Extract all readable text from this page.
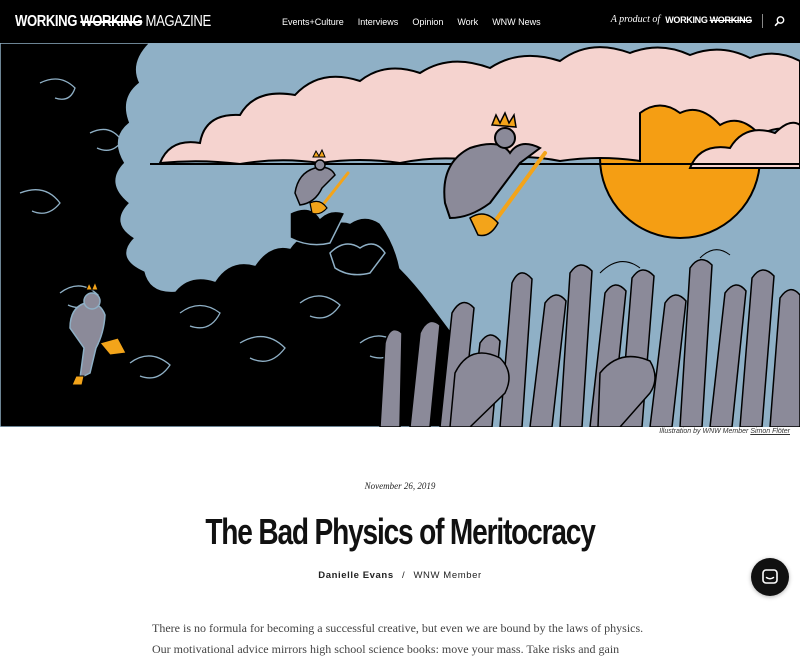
WORKING WORKING MAGAZINE	Events+Culture Interviews Opinion Work WNW News	A product of WORKING WORKING
Illustration by WNW Member Simon Flöter
November 26, 2019
The Bad Physics of Meritocracy
Danielle Evans / WNW Member
There is no formula for becoming a successful creative, but even we are bound by the laws of physics.
Our motivational advice mirrors high school science books: move your mass. Take risks and gain
